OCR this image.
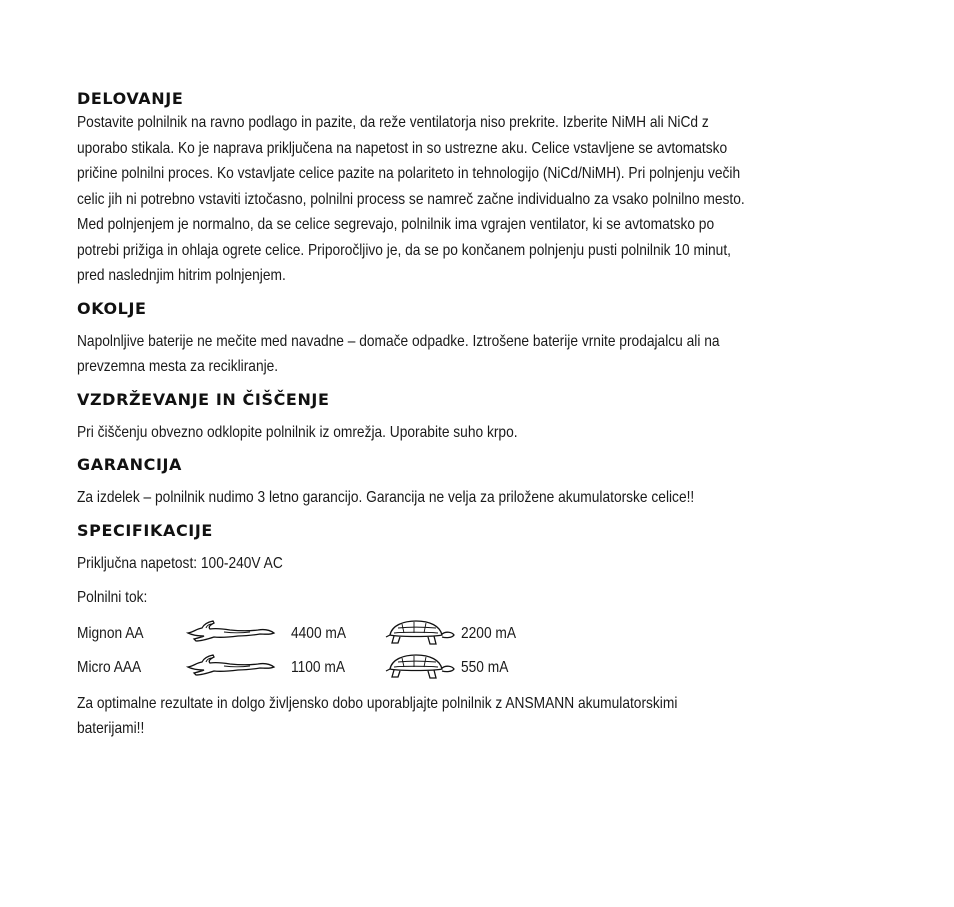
DELOVANJE
Postavite polnilnik na ravno podlago in pazite, da reže ventilatorja niso prekrite. Izberite NiMH ali NiCd z
uporabo stikala. Ko je naprava priključena na napetost in so ustrezne aku. Celice vstavljene se avtomatsko
pričine polnilni proces. Ko vstavljate celice pazite na polariteto in tehnologijo (NiCd/NiMH). Pri polnjenju večih
celic jih ni potrebno vstaviti iztočasno, polnilni process se namreč začne individualno za vsako polnilno mesto.
Med polnjenjem je normalno, da se celice segrevajo, polnilnik ima vgrajen ventilator, ki se avtomatsko po
potrebi prižiga in ohlaja ogrete celice. Priporočljivo je, da se po končanem polnjenju pusti polnilnik 10 minut,
pred naslednjim hitrim polnjenjem.
OKOLJE
Napolnljive baterije ne mečite med navadne – domače odpadke. Iztrošene baterije vrnite prodajalcu ali na
prevzemna mesta za recikliranje.
VZDRŽEVANJE IN ČIŠČENJE
Pri čiščenju obvezno odklopite polnilnik iz omrežja. Uporabite suho krpo.
GARANCIJA
Za izdelek – polnilnik nudimo 3 letno garancijo. Garancija ne velja za priložene akumulatorske celice!!
SPECIFIKACIJE
Priključna napetost: 100-240V AC
Polnilni tok:
Mignon AA	4400 mA	2200 mA
Micro AAA	1100 mA	550 mA
Za optimalne rezultate in dolgo življensko dobo uporabljajte polnilnik z ANSMANN akumulatorskimi
baterijami!!
